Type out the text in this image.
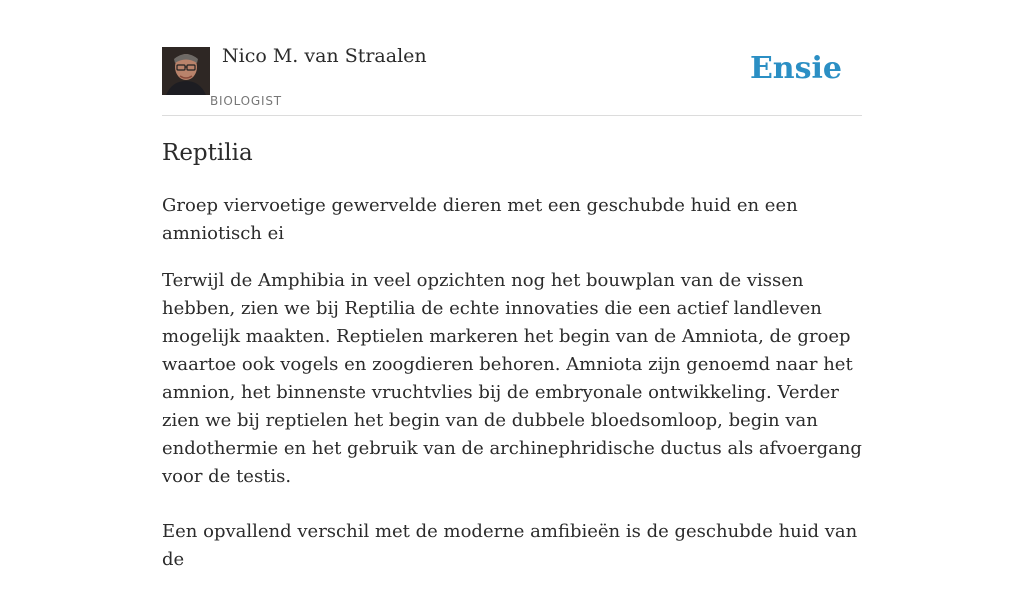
Nico M. van Straalen
BIOLOGIST
Ensie
Reptilia

Groep viervoetige gewervelde dieren met een geschubde huid en een amniotisch ei

Terwijl de Amphibia in veel opzichten nog het bouwplan van de vissen hebben, zien we bij Reptilia de echte innovaties die een actief landleven mogelijk maakten. Reptielen markeren het begin van de Amniota, de groep waartoe ook vogels en zoogdieren behoren. Amniota zijn genoemd naar het amnion, het binnenste vruchtvlies bij de embryonale ontwikkeling. Verder zien we bij reptielen het begin van de dubbele bloedsomloop, begin van endothermie en het gebruik van de archinephridische ductus als afvoergang voor de testis.

Een opvallend verschil met de moderne amfibieën is de geschubde huid van de
